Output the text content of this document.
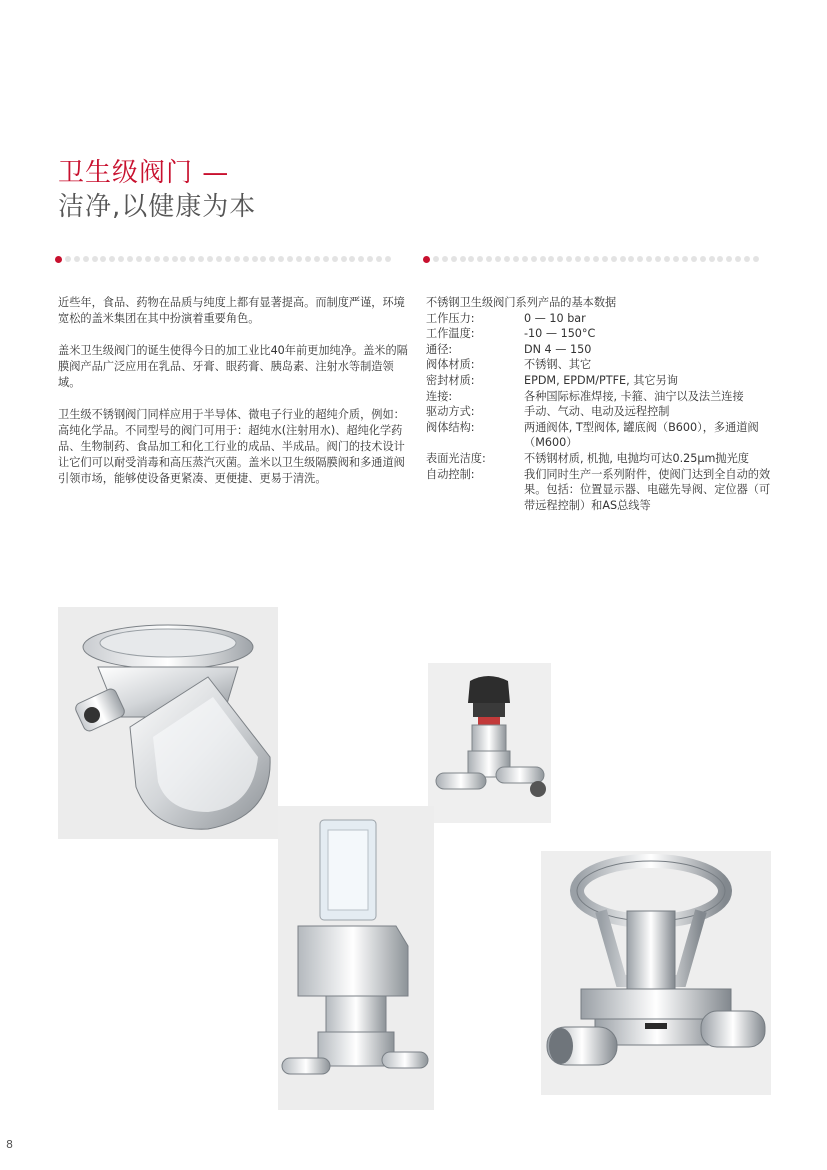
卫生级阀门 —
洁净,以健康为本

近些年，食品、药物在品质与纯度上都有显著提高。而制度严谨，环境宽松的盖米集团在其中扮演着重要角色。

盖米卫生级阀门的诞生使得今日的加工业比40年前更加纯净。盖米的隔膜阀产品广泛应用在乳品、牙膏、眼药膏、胰岛素、注射水等制造领域。

卫生级不锈钢阀门同样应用于半导体、微电子行业的超纯介质，例如：高纯化学品。不同型号的阀门可用于：超纯水(注射用水)、超纯化学药品、生物制药、食品加工和化工行业的成品、半成品。阀门的技术设计让它们可以耐受消毒和高压蒸汽灭菌。盖米以卫生级隔膜阀和多通道阀引领市场，能够使设备更紧凑、更便捷、更易于清洗。

不锈钢卫生级阀门系列产品的基本数据
工作压力:	0 — 10 bar
工作温度:	-10 — 150°C
通径:	DN 4 — 150
阀体材质:	不锈钢、其它
密封材质:	EPDM, EPDM/PTFE, 其它另询
连接:	各种国际标准焊接, 卡箍、油宁以及法兰连接
驱动方式:	手动、气动、电动及远程控制
阀体结构:	两通阀体, T型阀体, 罐底阀（B600），多通道阀（M600）
表面光洁度:	不锈钢材质, 机抛, 电抛均可达0.25μm抛光度
自动控制:	我们同时生产一系列附件，使阀门达到全自动的效果。包括：位置显示器、电磁先导阀、定位器（可带远程控制）和AS总线等
8
